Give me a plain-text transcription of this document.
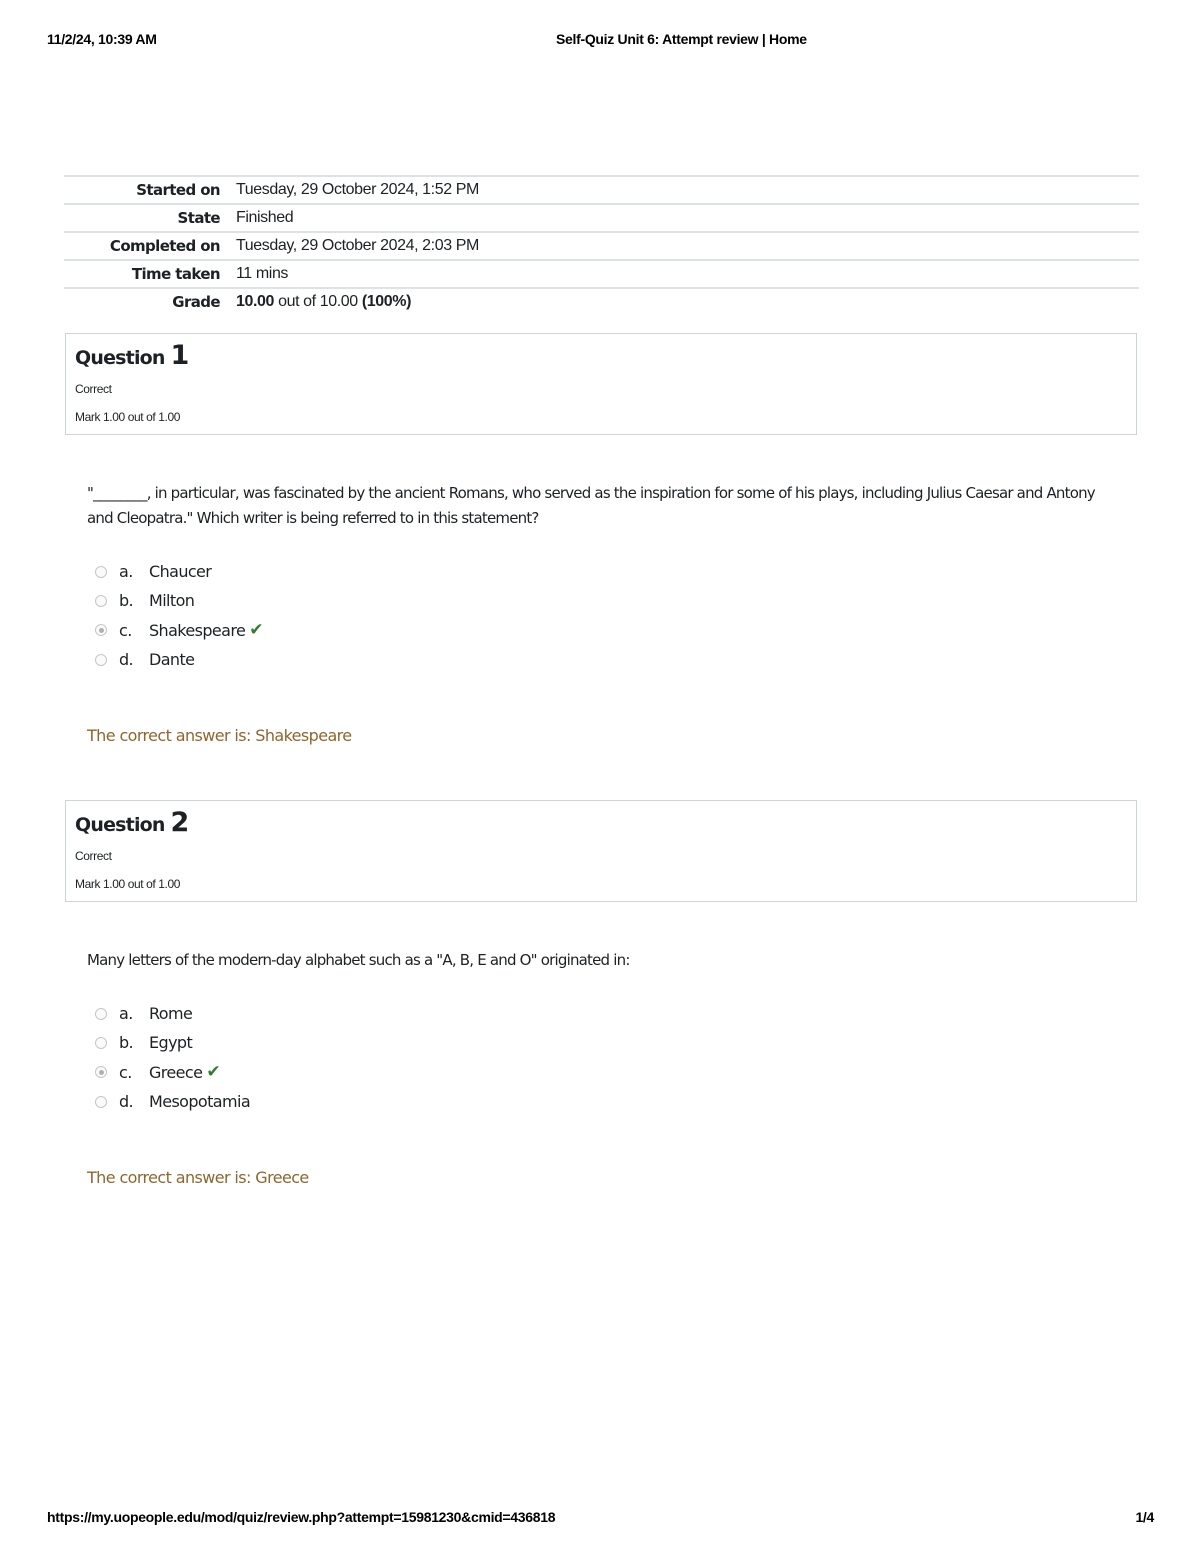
11/2/24, 10:39 AM	Self-Quiz Unit 6: Attempt review | Home
Started on Tuesday, 29 October 2024, 1:52 PM
State Finished
Completed on Tuesday, 29 October 2024, 2:03 PM
Time taken 11 mins
Grade 10.00 out of 10.00 (100%)
Question 1
Correct
Mark 1.00 out of 1.00
"________, in particular, was fascinated by the ancient Romans, who served as the inspiration for some of his plays, including Julius Caesar and Antony and Cleopatra." Which writer is being referred to in this statement?
a.	Chaucer
b. Milton
c.	Shakespeare ✔
d. Dante
The correct answer is: Shakespeare
Question 2
Correct
Mark 1.00 out of 1.00
Many letters of the modern-day alphabet such as a "A, B, E and O" originated in:
a.	Rome
b. Egypt
c.	Greece ✔
d. Mesopotamia
The correct answer is: Greece
https://my.uopeople.edu/mod/quiz/review.php?attempt=15981230&cmid=436818	1/4
